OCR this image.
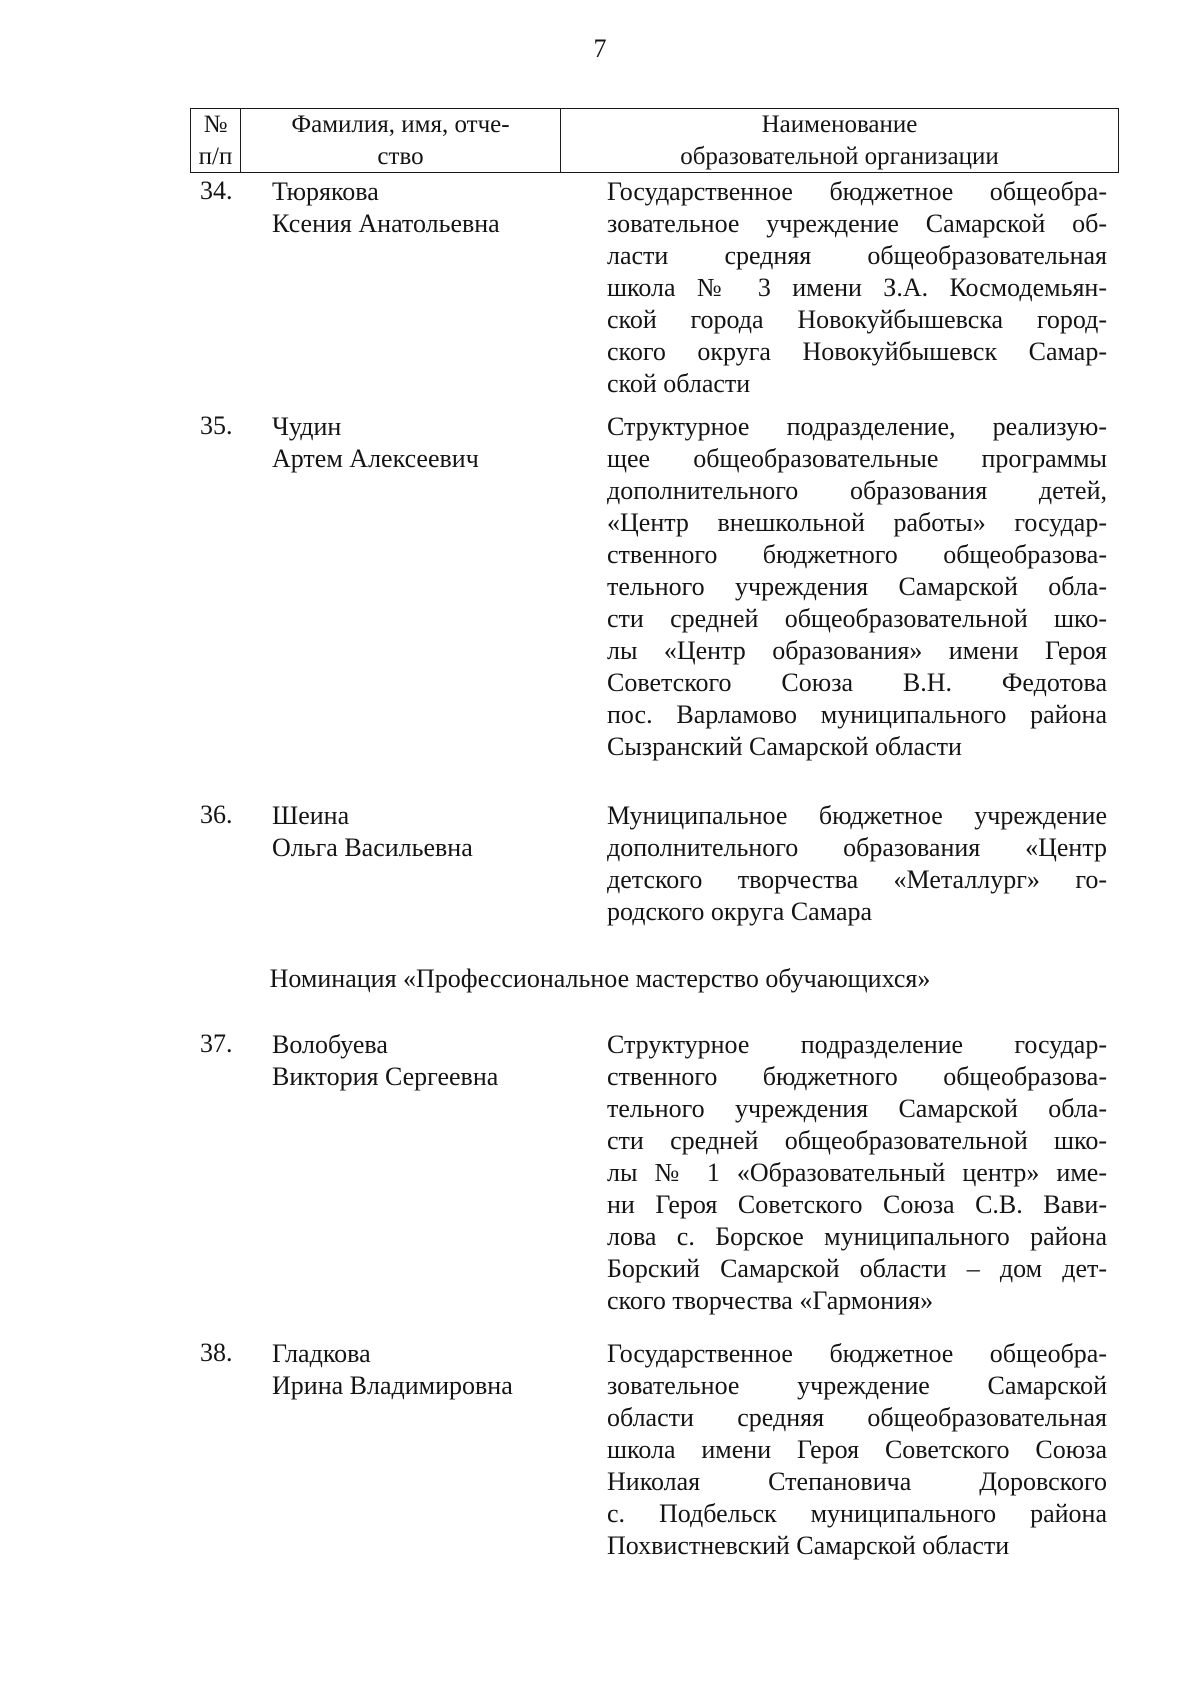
7
№
п/п
Фамилия, имя, отче-
ство
Наименование
образовательной организации
34. Тюрякова
Ксения Анатольевна
Государственное бюджетное общеобра-
зовательное учреждение Самарской об-
ласти средняя общеобразовательная
школа № 3 имени З.А. Космодемьян-
ской города Новокуйбышевска город-
ского округа Новокуйбышевск Самар-
ской области
35. Чудин
Артем Алексеевич
Структурное подразделение, реализую-
щее общеобразовательные программы
дополнительного образования детей,
«Центр внешкольной работы» государ-
ственного бюджетного общеобразова-
тельного учреждения Самарской обла-
сти средней общеобразовательной шко-
лы «Центр образования» имени Героя
Советского Союза В.Н. Федотова
пос. Варламово муниципального района
Сызранский Самарской области
36. Шеина
Ольга Васильевна
Муниципальное бюджетное учреждение
дополнительного образования «Центр
детского творчества «Металлург» го-
родского округа Самара
Номинация «Профессиональное мастерство обучающихся»
37. Волобуева
Виктория Сергеевна
Структурное подразделение государ-
ственного бюджетного общеобразова-
тельного учреждения Самарской обла-
сти средней общеобразовательной шко-
лы № 1 «Образовательный центр» име-
ни Героя Советского Союза С.В. Вави-
лова с. Борское муниципального района
Борский Самарской области – дом дет-
ского творчества «Гармония»
38. Гладкова
Ирина Владимировна
Государственное бюджетное общеобра-
зовательное учреждение Самарской
области средняя общеобразовательная
школа имени Героя Советского Союза
Николая Степановича Доровского
с. Подбельск муниципального района
Похвистневский Самарской области
